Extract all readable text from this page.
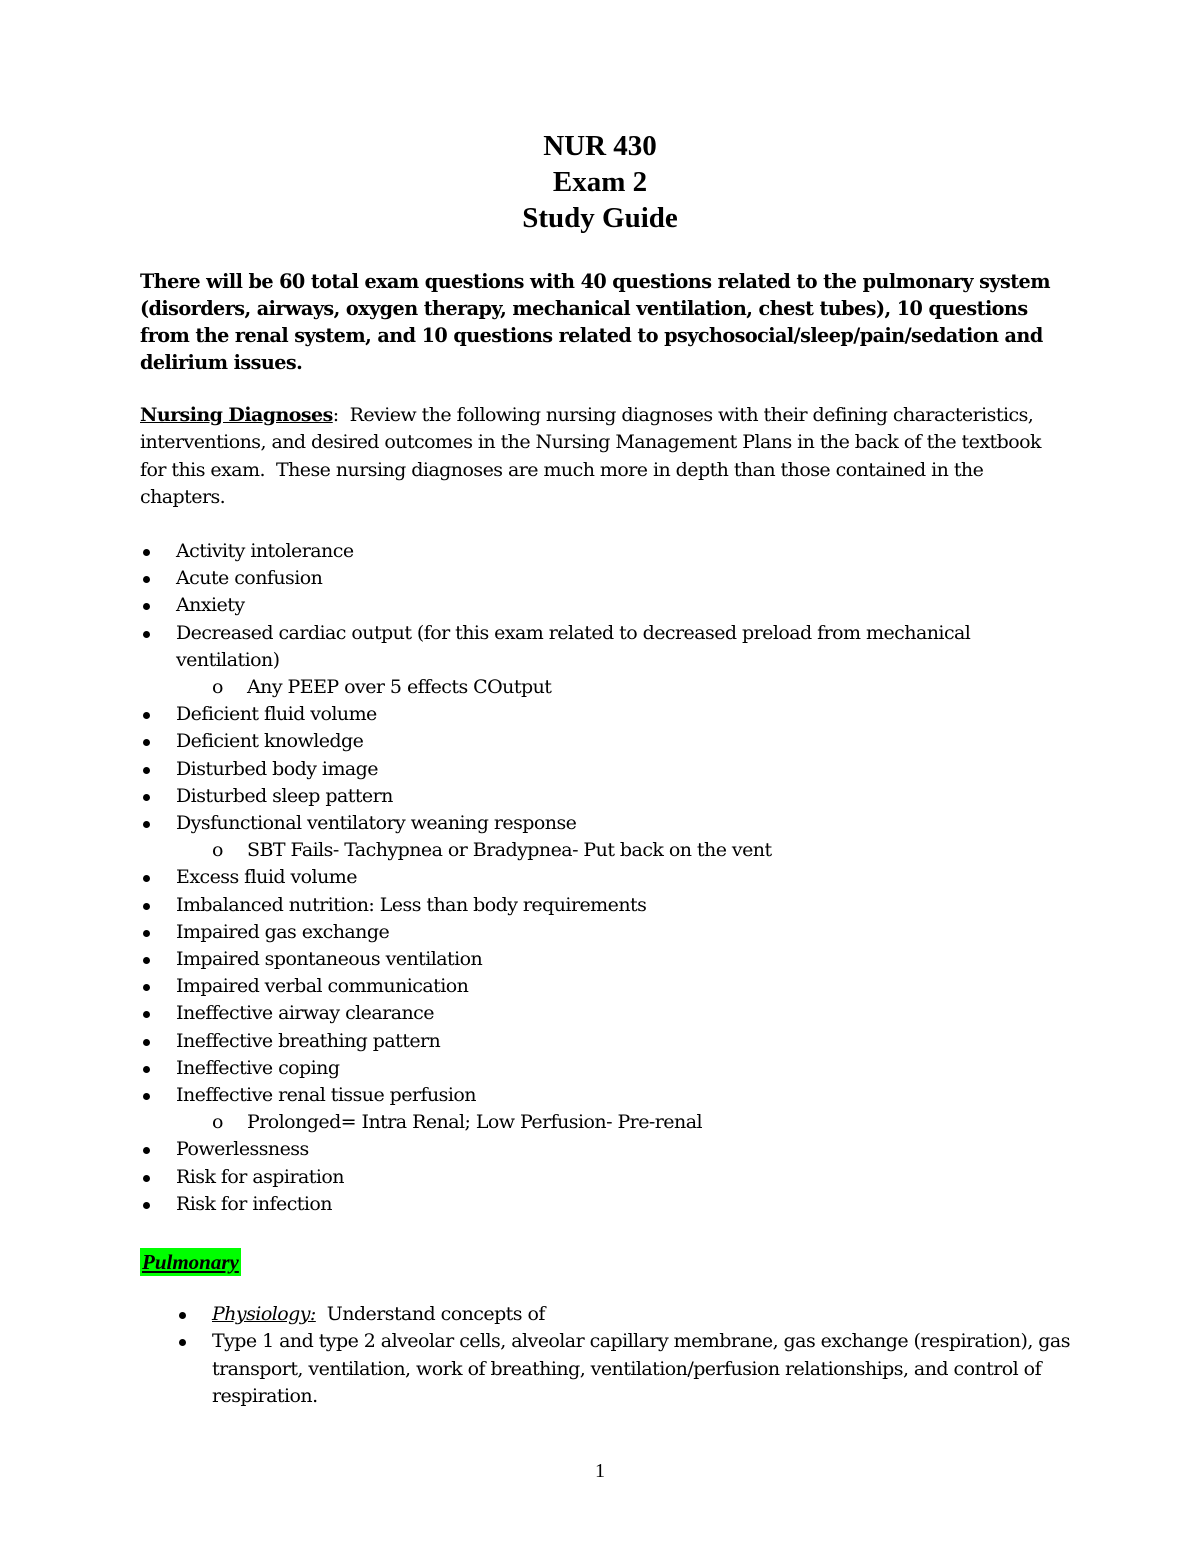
NUR 430
Exam 2
Study Guide
There will be 60 total exam questions with 40 questions related to the pulmonary system (disorders, airways, oxygen therapy, mechanical ventilation, chest tubes), 10 questions from the renal system, and 10 questions related to psychosocial/sleep/pain/sedation and delirium issues.
Nursing Diagnoses:  Review the following nursing diagnoses with their defining characteristics, interventions, and desired outcomes in the Nursing Management Plans in the back of the textbook for this exam.  These nursing diagnoses are much more in depth than those contained in the chapters.
Activity intolerance
Acute confusion
Anxiety
Decreased cardiac output (for this exam related to decreased preload from mechanical ventilation)
o Any PEEP over 5 effects COutput
Deficient fluid volume
Deficient knowledge
Disturbed body image
Disturbed sleep pattern
Dysfunctional ventilatory weaning response
o SBT Fails- Tachypnea or Bradypnea- Put back on the vent
Excess fluid volume
Imbalanced nutrition: Less than body requirements
Impaired gas exchange
Impaired spontaneous ventilation
Impaired verbal communication
Ineffective airway clearance
Ineffective breathing pattern
Ineffective coping
Ineffective renal tissue perfusion
o Prolonged= Intra Renal; Low Perfusion- Pre-renal
Powerlessness
Risk for aspiration
Risk for infection
Pulmonary
Physiology:  Understand concepts of
Type 1 and type 2 alveolar cells, alveolar capillary membrane, gas exchange (respiration), gas transport, ventilation, work of breathing, ventilation/perfusion relationships, and control of respiration.
1
